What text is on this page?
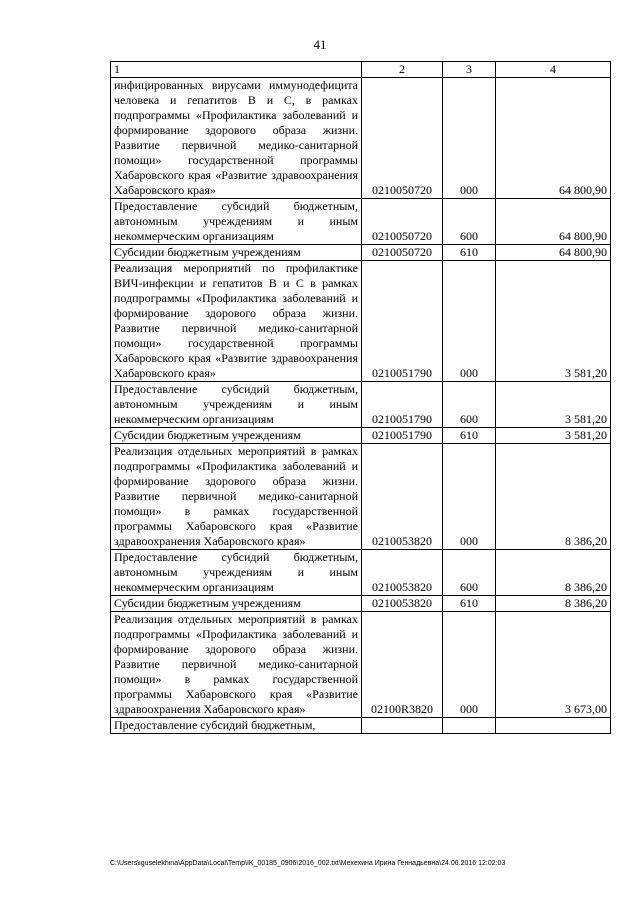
41
1	2	3	4
инфицированных вирусами иммунодефицита человека и гепатитов В и С, в рамках подпрограммы «Профилактика заболеваний и формирование здорового образа жизни. Развитие первичной медико-санитарной помощи» государственной программы Хабаровского края «Развитие здравоохранения Хабаровского края»	0210050720	000	64 800,90
Предоставление субсидий бюджетным, автономным учреждениям и иным некоммерческим организациям	0210050720	600	64 800,90
Субсидии бюджетным учреждениям	0210050720	610	64 800,90
Реализация мероприятий по профилактике ВИЧ-инфекции и гепатитов В и С в рамках подпрограммы «Профилактика заболеваний и формирование здорового образа жизни. Развитие первичной медико-санитарной помощи» государственной программы Хабаровского края «Развитие здравоохранения Хабаровского края»	0210051790	000	3 581,20
Предоставление субсидий бюджетным, автономным учреждениям и иным некоммерческим организациям	0210051790	600	3 581,20
Субсидии бюджетным учреждениям	0210051790	610	3 581,20
Реализация отдельных мероприятий в рамках подпрограммы «Профилактика заболеваний и формирование здорового образа жизни. Развитие первичной медико-санитарной помощи» в рамках государственной программы Хабаровского края «Развитие здравоохранения Хабаровского края»	0210053820	000	8 386,20
Предоставление субсидий бюджетным, автономным учреждениям и иным некоммерческим организациям	0210053820	600	8 386,20
Субсидии бюджетным учреждениям	0210053820	610	8 386,20
Реализация отдельных мероприятий в рамках подпрограммы «Профилактика заболеваний и формирование здорового образа жизни. Развитие первичной медико-санитарной помощи» в рамках государственной программы Хабаровского края «Развитие здравоохранения Хабаровского края»	02100R3820	000	3 673,00
Предоставление субсидий бюджетным,			
C:\Users\iguselekhina\AppData\Local\Temp\IK_00185_0906\2016_002.txt\Мехехина Ирина Геннадьевна\24.06.2016 12:02:03
